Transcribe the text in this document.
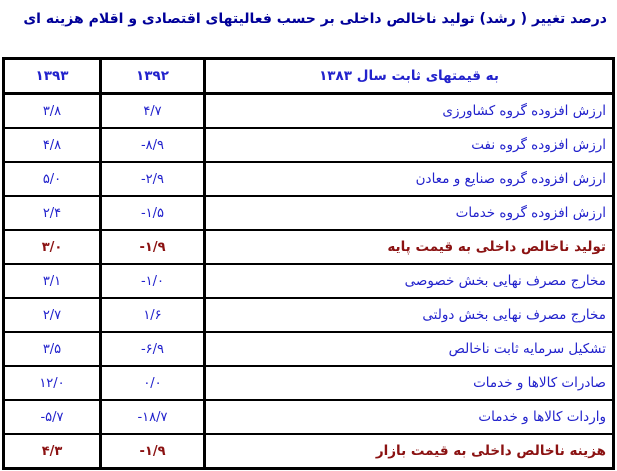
درصد تغییر ( رشد) تولید ناخالص داخلی بر حسب فعالیتهای اقتصادی و اقلام هزینه ای
۱۳۹۳	۱۳۹۲	به قیمتهای ثابت سال ۱۳۸۳
۳/۸	۴/۷	ارزش افزوده گروه کشاورزی
۴/۸	-۸/۹	ارزش افزوده گروه نفت
۵/۰	-۲/۹	ارزش افزوده گروه صنایع و معادن
۲/۴	-۱/۵	ارزش افزوده گروه خدمات
۳/۰	-۱/۹	تولید ناخالص داخلی به قیمت پایه
۳/۱	-۱/۰	مخارج مصرف نهایی بخش خصوصی
۲/۷	۱/۶	مخارج مصرف نهایی بخش دولتی
۳/۵	-۶/۹	تشکیل سرمایه ثابت ناخالص
۱۲/۰	۰/۰	صادرات کالاها و خدمات
-۵/۷	-۱۸/۷	واردات کالاها و خدمات
۴/۳	-۱/۹	هزینه ناخالص داخلی به قیمت بازار
